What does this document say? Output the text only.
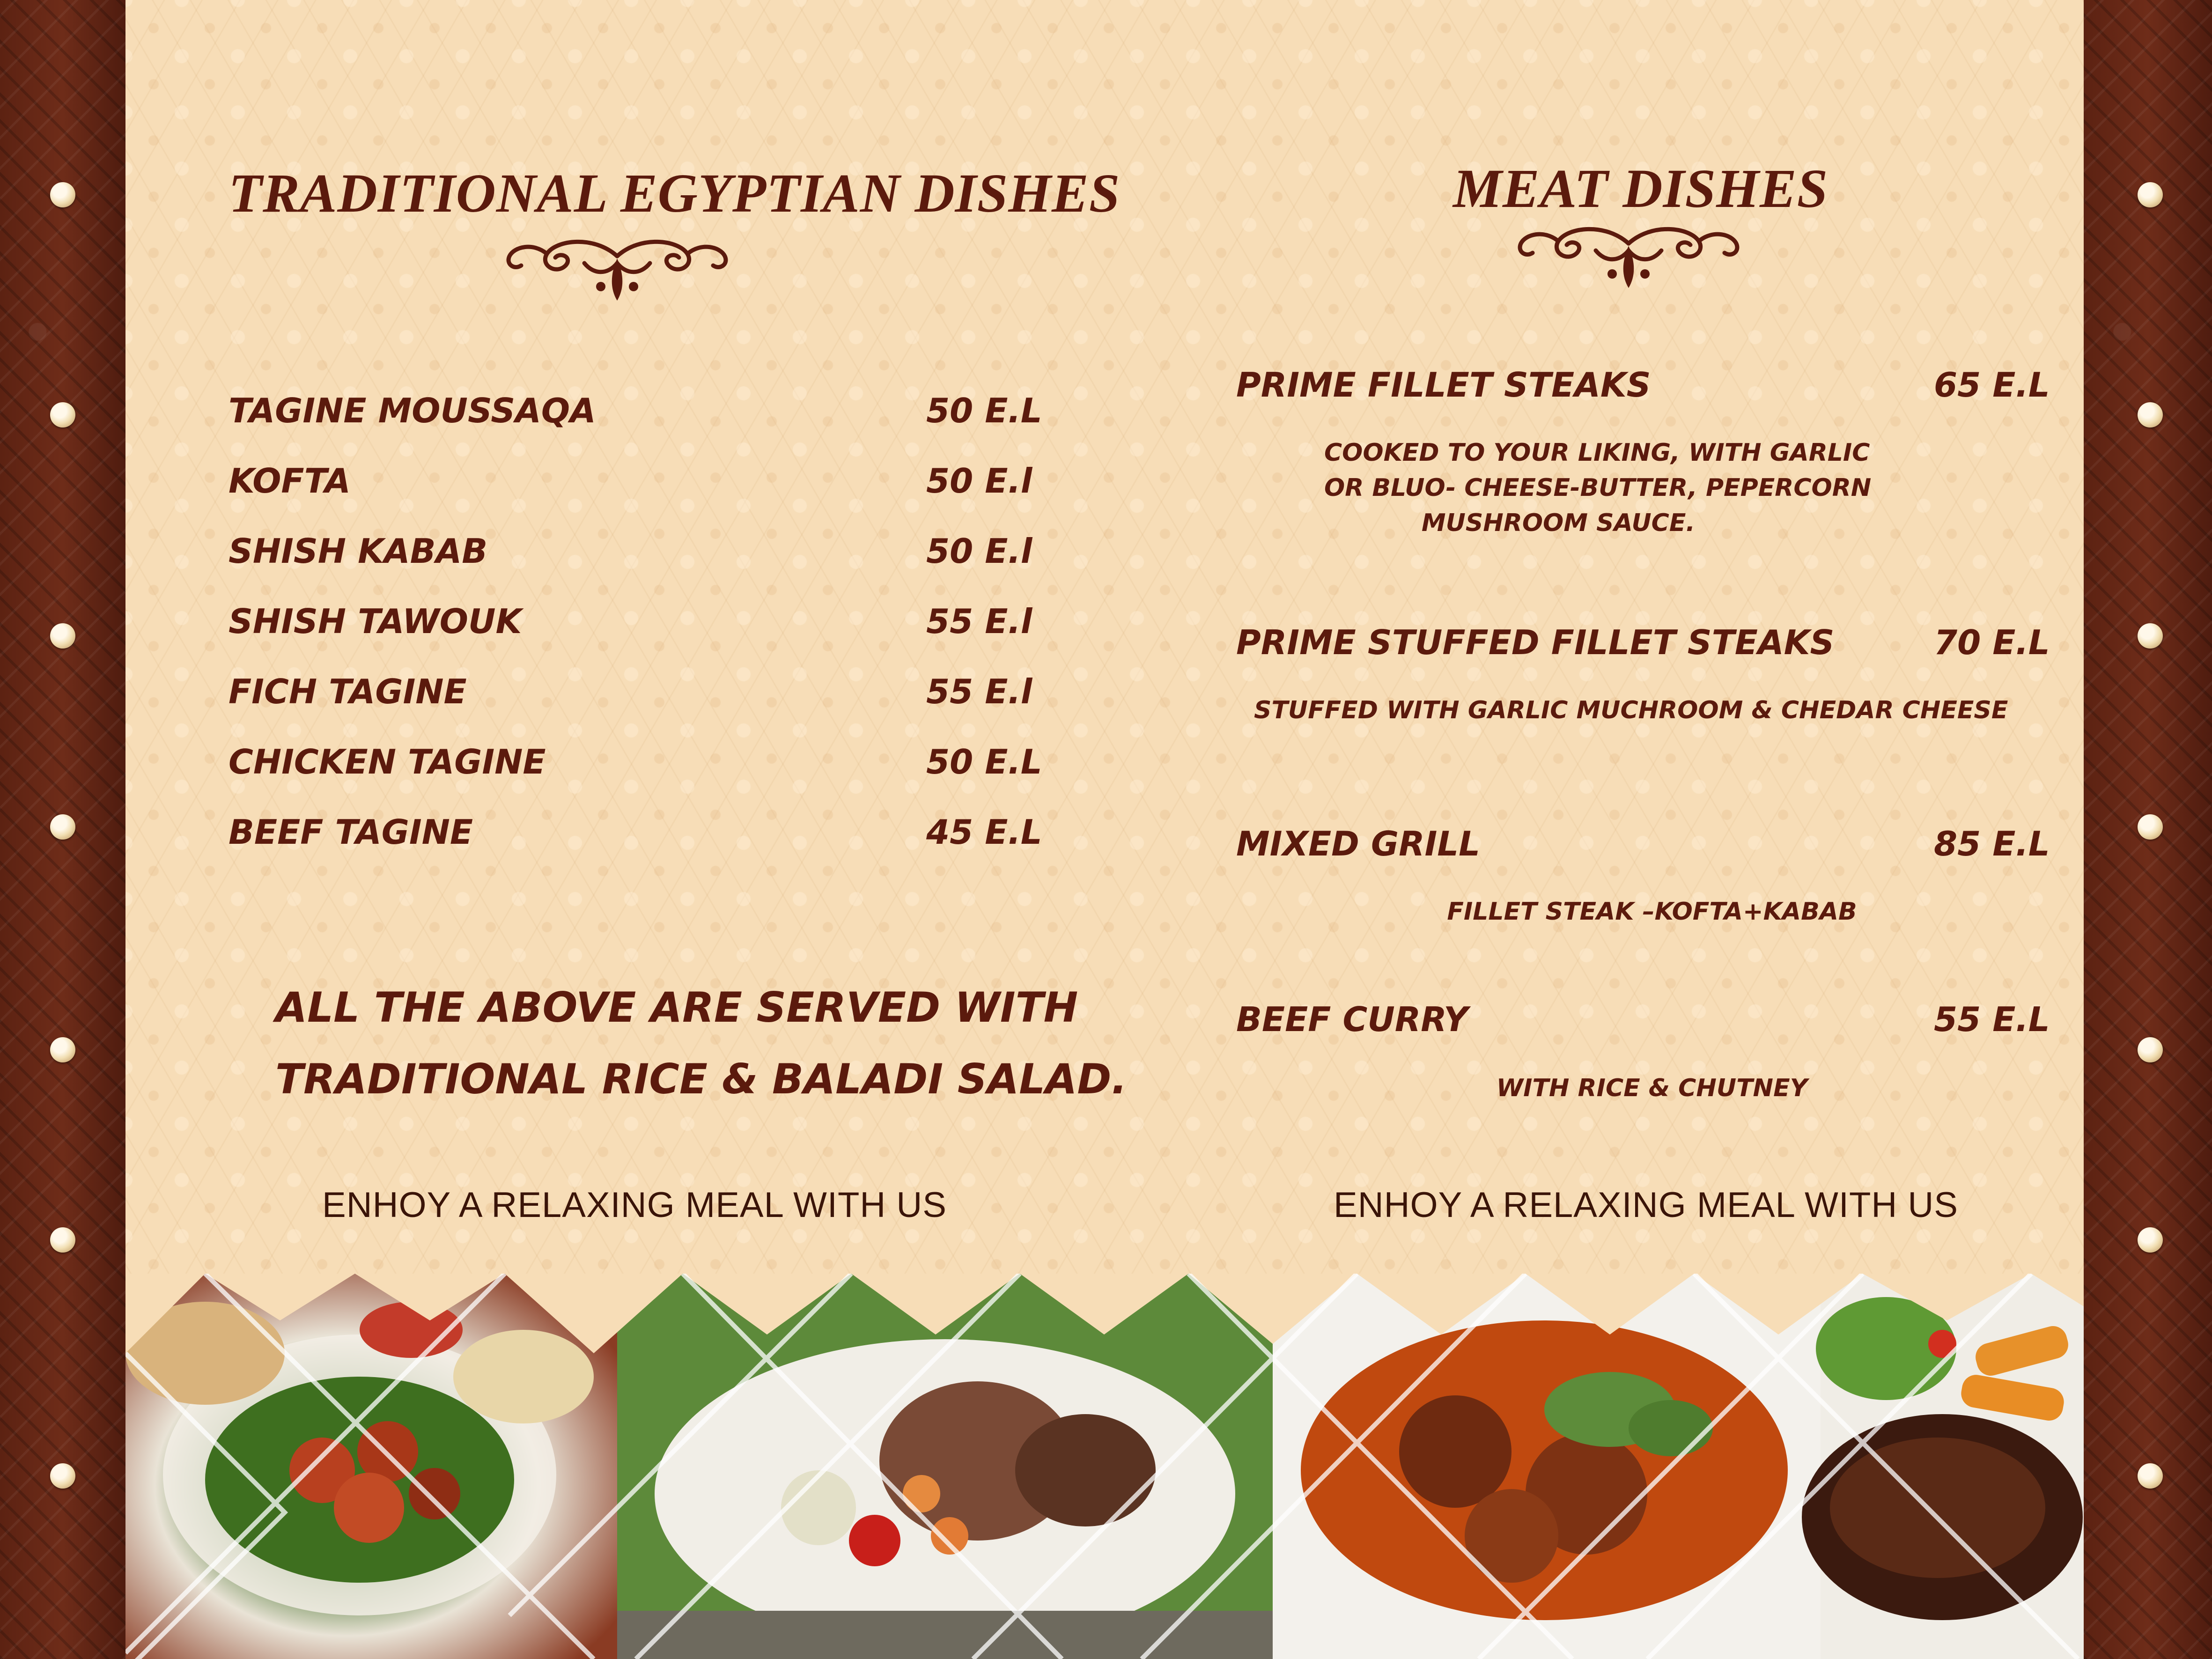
TRADITIONAL EGYPTIAN DISHES

TAGINE MOUSSAQA	50 E.L

KOFTA	50 E.l

SHISH KABAB	50 E.l

SHISH TAWOUK	55 E.l

FICH TAGINE	55 E.l

CHICKEN TAGINE	50 E.L

BEEF TAGINE	45 E.L

ALL THE ABOVE ARE SERVED WITH

TRADITIONAL RICE & BALADI SALAD.

ENHOY A RELAXING MEAL WITH US

MEAT DISHES

PRIME FILLET STEAKS	65 E.L

COOKED TO YOUR LIKING, WITH GARLIC

OR BLUO- CHEESE-BUTTER, PEPERCORN

MUSHROOM SAUCE.

PRIME STUFFED FILLET STEAKS	70 E.L

STUFFED WITH GARLIC MUCHROOM & CHEDAR CHEESE

MIXED GRILL	85 E.L

FILLET STEAK –KOFTA+KABAB

BEEF CURRY	55 E.L

WITH RICE & CHUTNEY

ENHOY A RELAXING MEAL WITH US
